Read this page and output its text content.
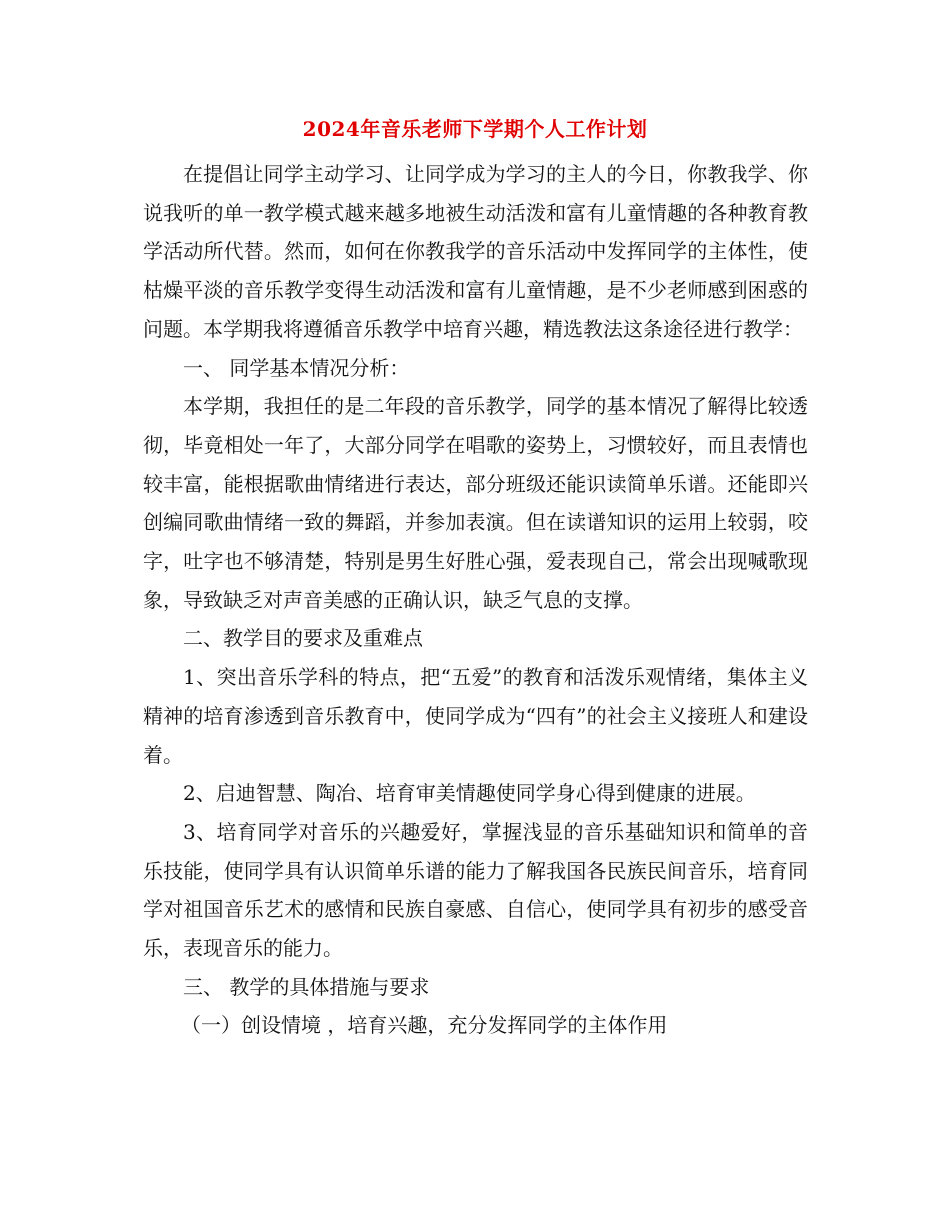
2024年音乐老师下学期个人工作计划

在提倡让同学主动学习、让同学成为学习的主人的今日，你教我学、你说我听的单一教学模式越来越多地被生动活泼和富有儿童情趣的各种教育教学活动所代替。然而，如何在你教我学的音乐活动中发挥同学的主体性，使枯燥平淡的音乐教学变得生动活泼和富有儿童情趣，是不少老师感到困惑的问题。本学期我将遵循音乐教学中培育兴趣，精选教法这条途径进行教学：

一、 同学基本情况分析：

本学期，我担任的是二年段的音乐教学，同学的基本情况了解得比较透彻，毕竟相处一年了，大部分同学在唱歌的姿势上，习惯较好，而且表情也较丰富，能根据歌曲情绪进行表达，部分班级还能识读简单乐谱。还能即兴创编同歌曲情绪一致的舞蹈，并参加表演。但在读谱知识的运用上较弱，咬字，吐字也不够清楚，特别是男生好胜心强，爱表现自己，常会出现喊歌现象，导致缺乏对声音美感的正确认识，缺乏气息的支撑。

二、教学目的要求及重难点

1、突出音乐学科的特点，把“五爱”的教育和活泼乐观情绪，集体主义精神的培育渗透到音乐教育中，使同学成为“四有”的社会主义接班人和建设着。

2、启迪智慧、陶冶、培育审美情趣使同学身心得到健康的进展。

3、培育同学对音乐的兴趣爱好，掌握浅显的音乐基础知识和简单的音乐技能，使同学具有认识简单乐谱的能力了解我国各民族民间音乐，培育同学对祖国音乐艺术的感情和民族自豪感、自信心，使同学具有初步的感受音乐，表现音乐的能力。

三、 教学的具体措施与要求

（一）创设情境 ，培育兴趣，充分发挥同学的主体作用
